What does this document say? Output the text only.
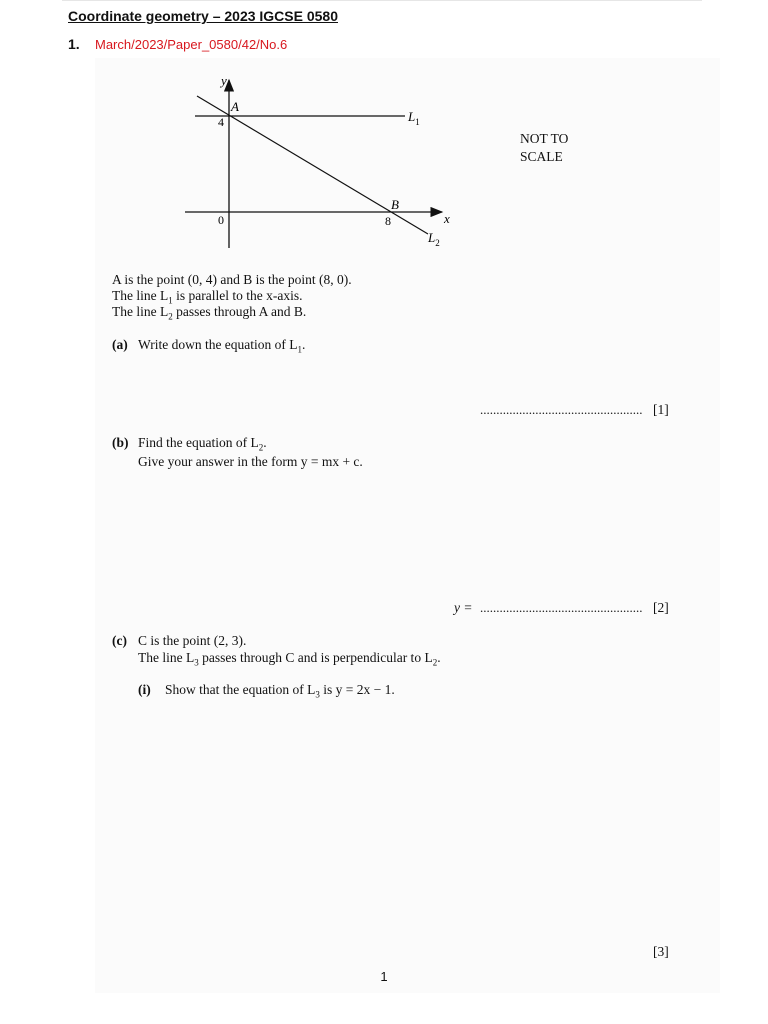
Coordinate geometry – 2023 IGCSE 0580
1. March/2023/Paper_0580/42/No.6
y
x
A
B
4
0	8
$L_1$
$L_2$
NOT TO SCALE
A is the point (0, 4) and B is the point (8, 0).
The line $L_1$ is parallel to the x-axis.
The line $L_2$ passes through A and B.
(a) Write down the equation of $L_1$.
.................................................. [1]
(b) Find the equation of $L_2$.
Give your answer in the form y = mx + c.
y = .................................................. [2]
(c) C is the point (2, 3).
The line $L_3$ passes through C and is perpendicular to $L_2$.
(i) Show that the equation of $L_3$ is y = 2x − 1.
[3]
1
